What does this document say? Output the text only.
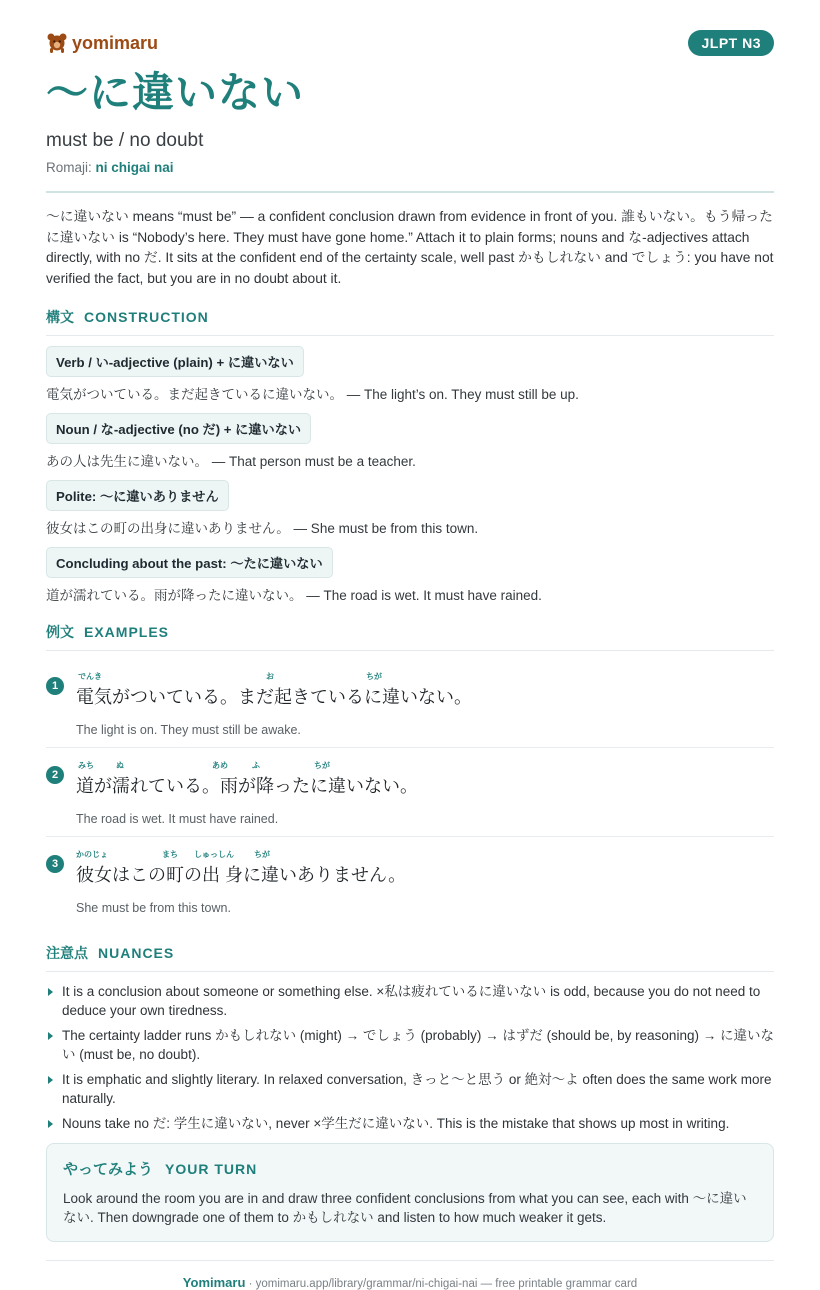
yomimaru	JLPT N3
〜に違いない
must be / no doubt
Romaji: ni chigai nai

〜に違いない means “must be” — a confident conclusion drawn from evidence in front of you. 誰もいない。もう帰ったに違いない is “Nobody’s here. They must have gone home.” Attach it to plain forms; nouns and な-adjectives attach directly, with no だ. It sits at the confident end of the certainty scale, well past かもしれない and でしょう: you have not verified the fact, but you are in no doubt about it.

構文 CONSTRUCTION
Verb / い-adjective (plain) + に違いない
電気がついている。まだ起きているに違いない。 — The light’s on. They must still be up.
Noun / な-adjective (no だ) + に違いない
あの人は先生に違いない。 — That person must be a teacher.
Polite: 〜に違いありません
彼女はこの町の出身に違いありません。 — She must be from this town.
Concluding about the past: 〜たに違いない
道が濡れている。雨が降ったに違いない。 — The road is wet. It must have rained.
例文 EXAMPLES
1
でんき	お	ちが
電気がついている。まだ起きているに違いない。
The light is on. They must still be awake.
2
みち	ぬ	あめ	ふ	ちが
道が濡れている。雨が降ったに違いない。
The road is wet. It must have rained.
3
かのじょ	まち しゅっしん	ちが
彼女はこの町の出 身に違いありません。
She must be from this town.
注意点 NUANCES
It is a conclusion about someone or something else. ×私は疲れているに違いない is odd, because you do not need to deduce your own tiredness.
The certainty ladder runs かもしれない (might) → でしょう (probably) → はずだ (should be, by reasoning) → に違いない (must be, no doubt).
It is emphatic and slightly literary. In relaxed conversation, きっと〜と思う or 絶対〜よ often does the same work more naturally.
Nouns take no だ: 学生に違いない, never ×学生だに違いない. This is the mistake that shows up most in writing.
やってみよう YOUR TURN
Look around the room you are in and draw three confident conclusions from what you can see, each with 〜に違いない. Then downgrade one of them to かもしれない and listen to how much weaker it gets.
Yomimaru · yomimaru.app/library/grammar/ni-chigai-nai — free printable grammar card
